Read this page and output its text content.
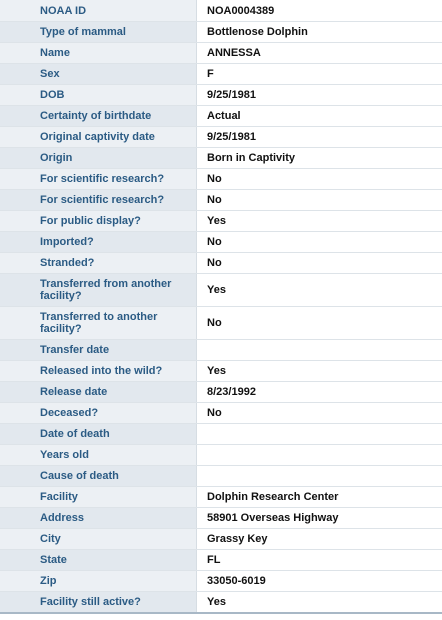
NOAA ID	NOA0004389
Type of mammal	Bottlenose Dolphin
Name	ANNESSA
Sex	F
DOB	9/25/1981
Certainty of birthdate	Actual
Original captivity date	9/25/1981
Origin	Born in Captivity
For scientific research?	No
For scientific research?	No
For public display?	Yes
Imported?	No
Stranded?	No
Transferred from another facility?	Yes
Transferred to another facility?	No
Transfer date
Released into the wild?	Yes
Release date	8/23/1992
Deceased?	No
Date of death
Years old
Cause of death
Facility	Dolphin Research Center
Address	58901 Overseas Highway
City	Grassy Key
State	FL
Zip	33050-6019
Facility still active?	Yes
